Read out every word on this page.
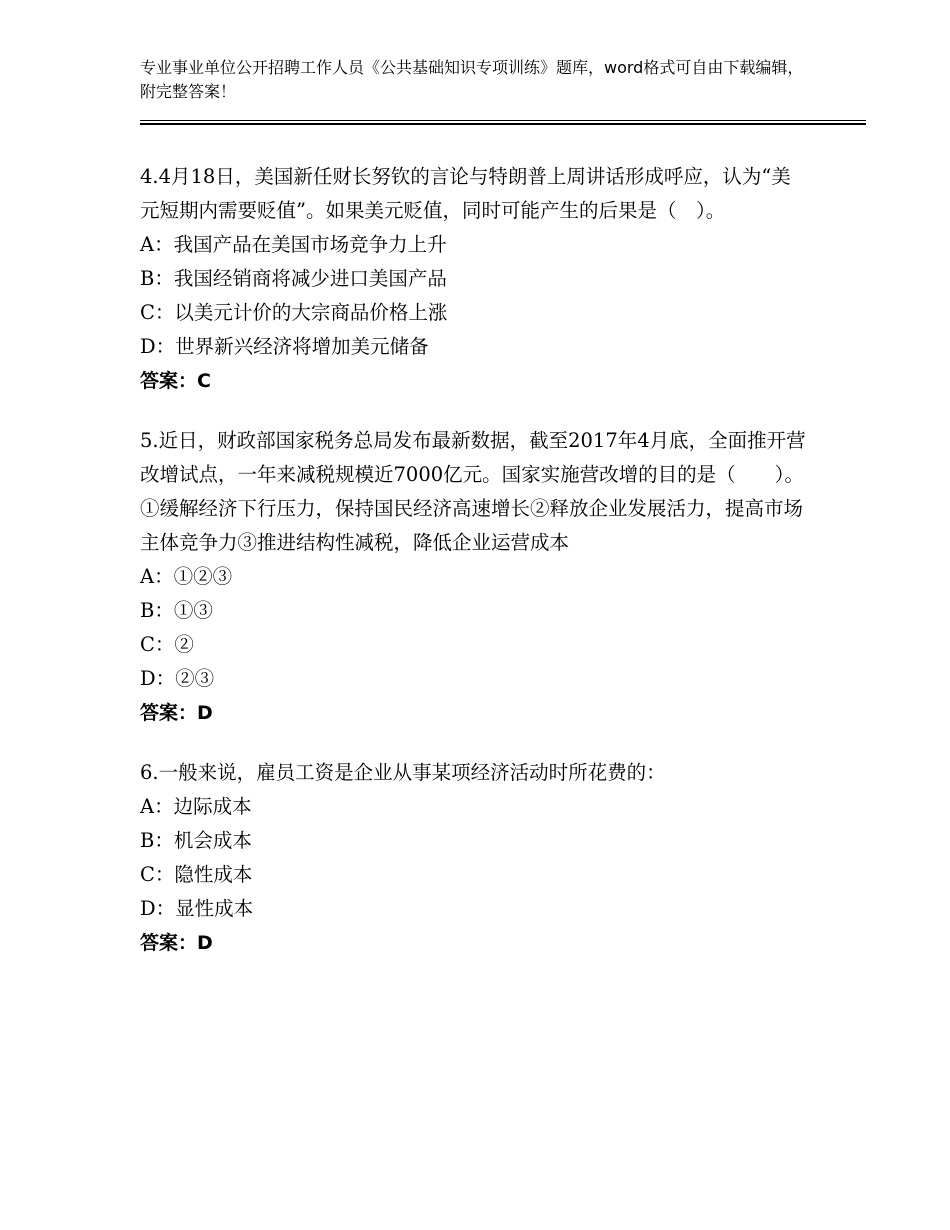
专业事业单位公开招聘工作人员《公共基础知识专项训练》题库，word格式可自由下载编辑，附完整答案！

4.4月18日，美国新任财长努钦的言论与特朗普上周讲话形成呼应，认为“美元短期内需要贬值”。如果美元贬值，同时可能产生的后果是（　）。

A：我国产品在美国市场竞争力上升

B：我国经销商将减少进口美国产品

C：以美元计价的大宗商品价格上涨

D：世界新兴经济将增加美元储备

答案：C

5.近日，财政部国家税务总局发布最新数据，截至2017年4月底，全面推开营改增试点，一年来减税规模近7000亿元。国家实施营改增的目的是（　　）。①缓解经济下行压力，保持国民经济高速增长②释放企业发展活力，提高市场主体竞争力③推进结构性减税，降低企业运营成本

A：①②③

B：①③

C：②

D：②③

答案：D

6.一般来说，雇员工资是企业从事某项经济活动时所花费的：

A：边际成本

B：机会成本

C：隐性成本

D：显性成本

答案：D
